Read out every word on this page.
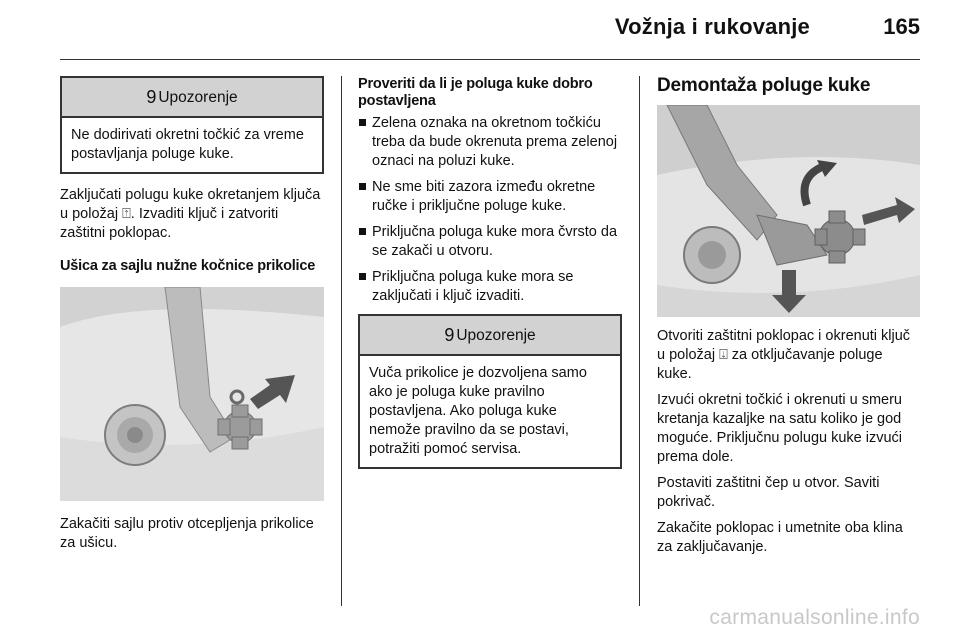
Vožnja i rukovanje	165
9 Upozorenje
Ne dodirivati okretni točkić za vreme postavljanja poluge kuke.

Zaključati polugu kuke okretanjem ključa u položaj ⍐. Izvaditi ključ i zatvoriti zaštitni poklopac.

Ušica za sajlu nužne kočnice prikolice

Zakačiti sajlu protiv otcepljenja prikolice za ušicu.

Proveriti da li je poluga kuke dobro postavljena

Zelena oznaka na okretnom točkiću treba da bude okrenuta prema zelenoj oznaci na poluzi kuke.
Ne sme biti zazora između okretne ručke i priključne poluge kuke.
Priključna poluga kuke mora čvrsto da se zakači u otvoru.
Priključna poluga kuke mora se zaključati i ključ izvaditi.
9 Upozorenje
Vuča prikolice je dozvoljena samo ako je poluga kuke pravilno postavljena. Ako poluga kuke nemože pravilno da se postavi, potražiti pomoć servisa.
Demontaža poluge kuke

Otvoriti zaštitni poklopac i okrenuti ključ u položaj ⍗ za otključavanje poluge kuke.

Izvući okretni točkić i okrenuti u smeru kretanja kazaljke na satu koliko je god moguće. Priključnu polugu kuke izvući prema dole.

Postaviti zaštitni čep u otvor. Saviti pokrivač.

Zakačite poklopac i umetnite oba klina za zaključavanje.

carmanualsonline.info
